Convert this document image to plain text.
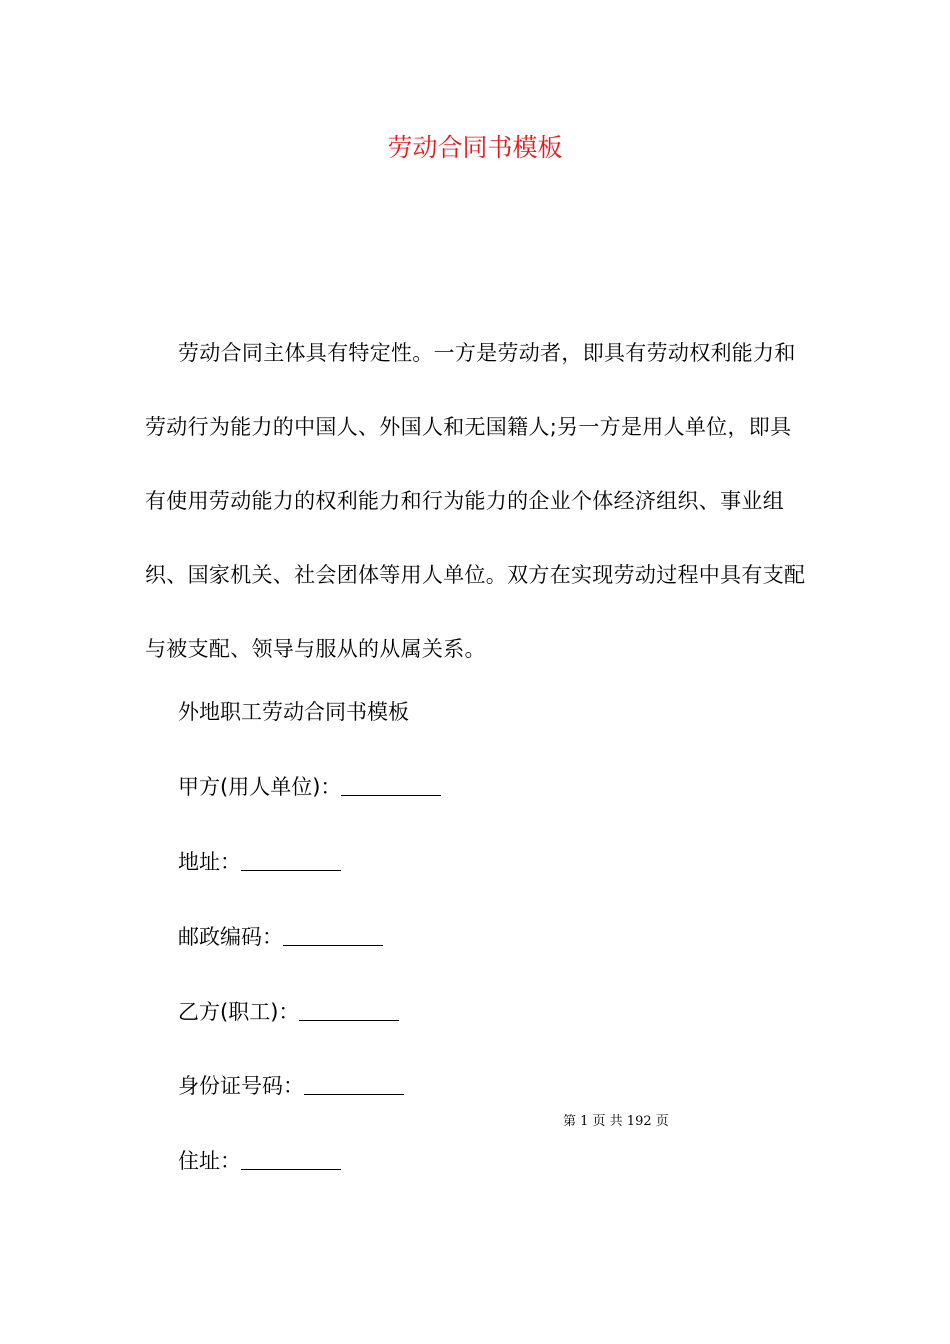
劳动合同书模板

劳动合同主体具有特定性。一方是劳动者，即具有劳动权利能力和劳动行为能力的中国人、外国人和无国籍人;另一方是用人单位，即具有使用劳动能力的权利能力和行为能力的企业个体经济组织、事业组织、国家机关、社会团体等用人单位。双方在实现劳动过程中具有支配与被支配、领导与服从的从属关系。

外地职工劳动合同书模板
甲方(用人单位)：
地址：
邮政编码：
乙方(职工)：
身份证号码：
第 1 页 共 192 页
住址：
